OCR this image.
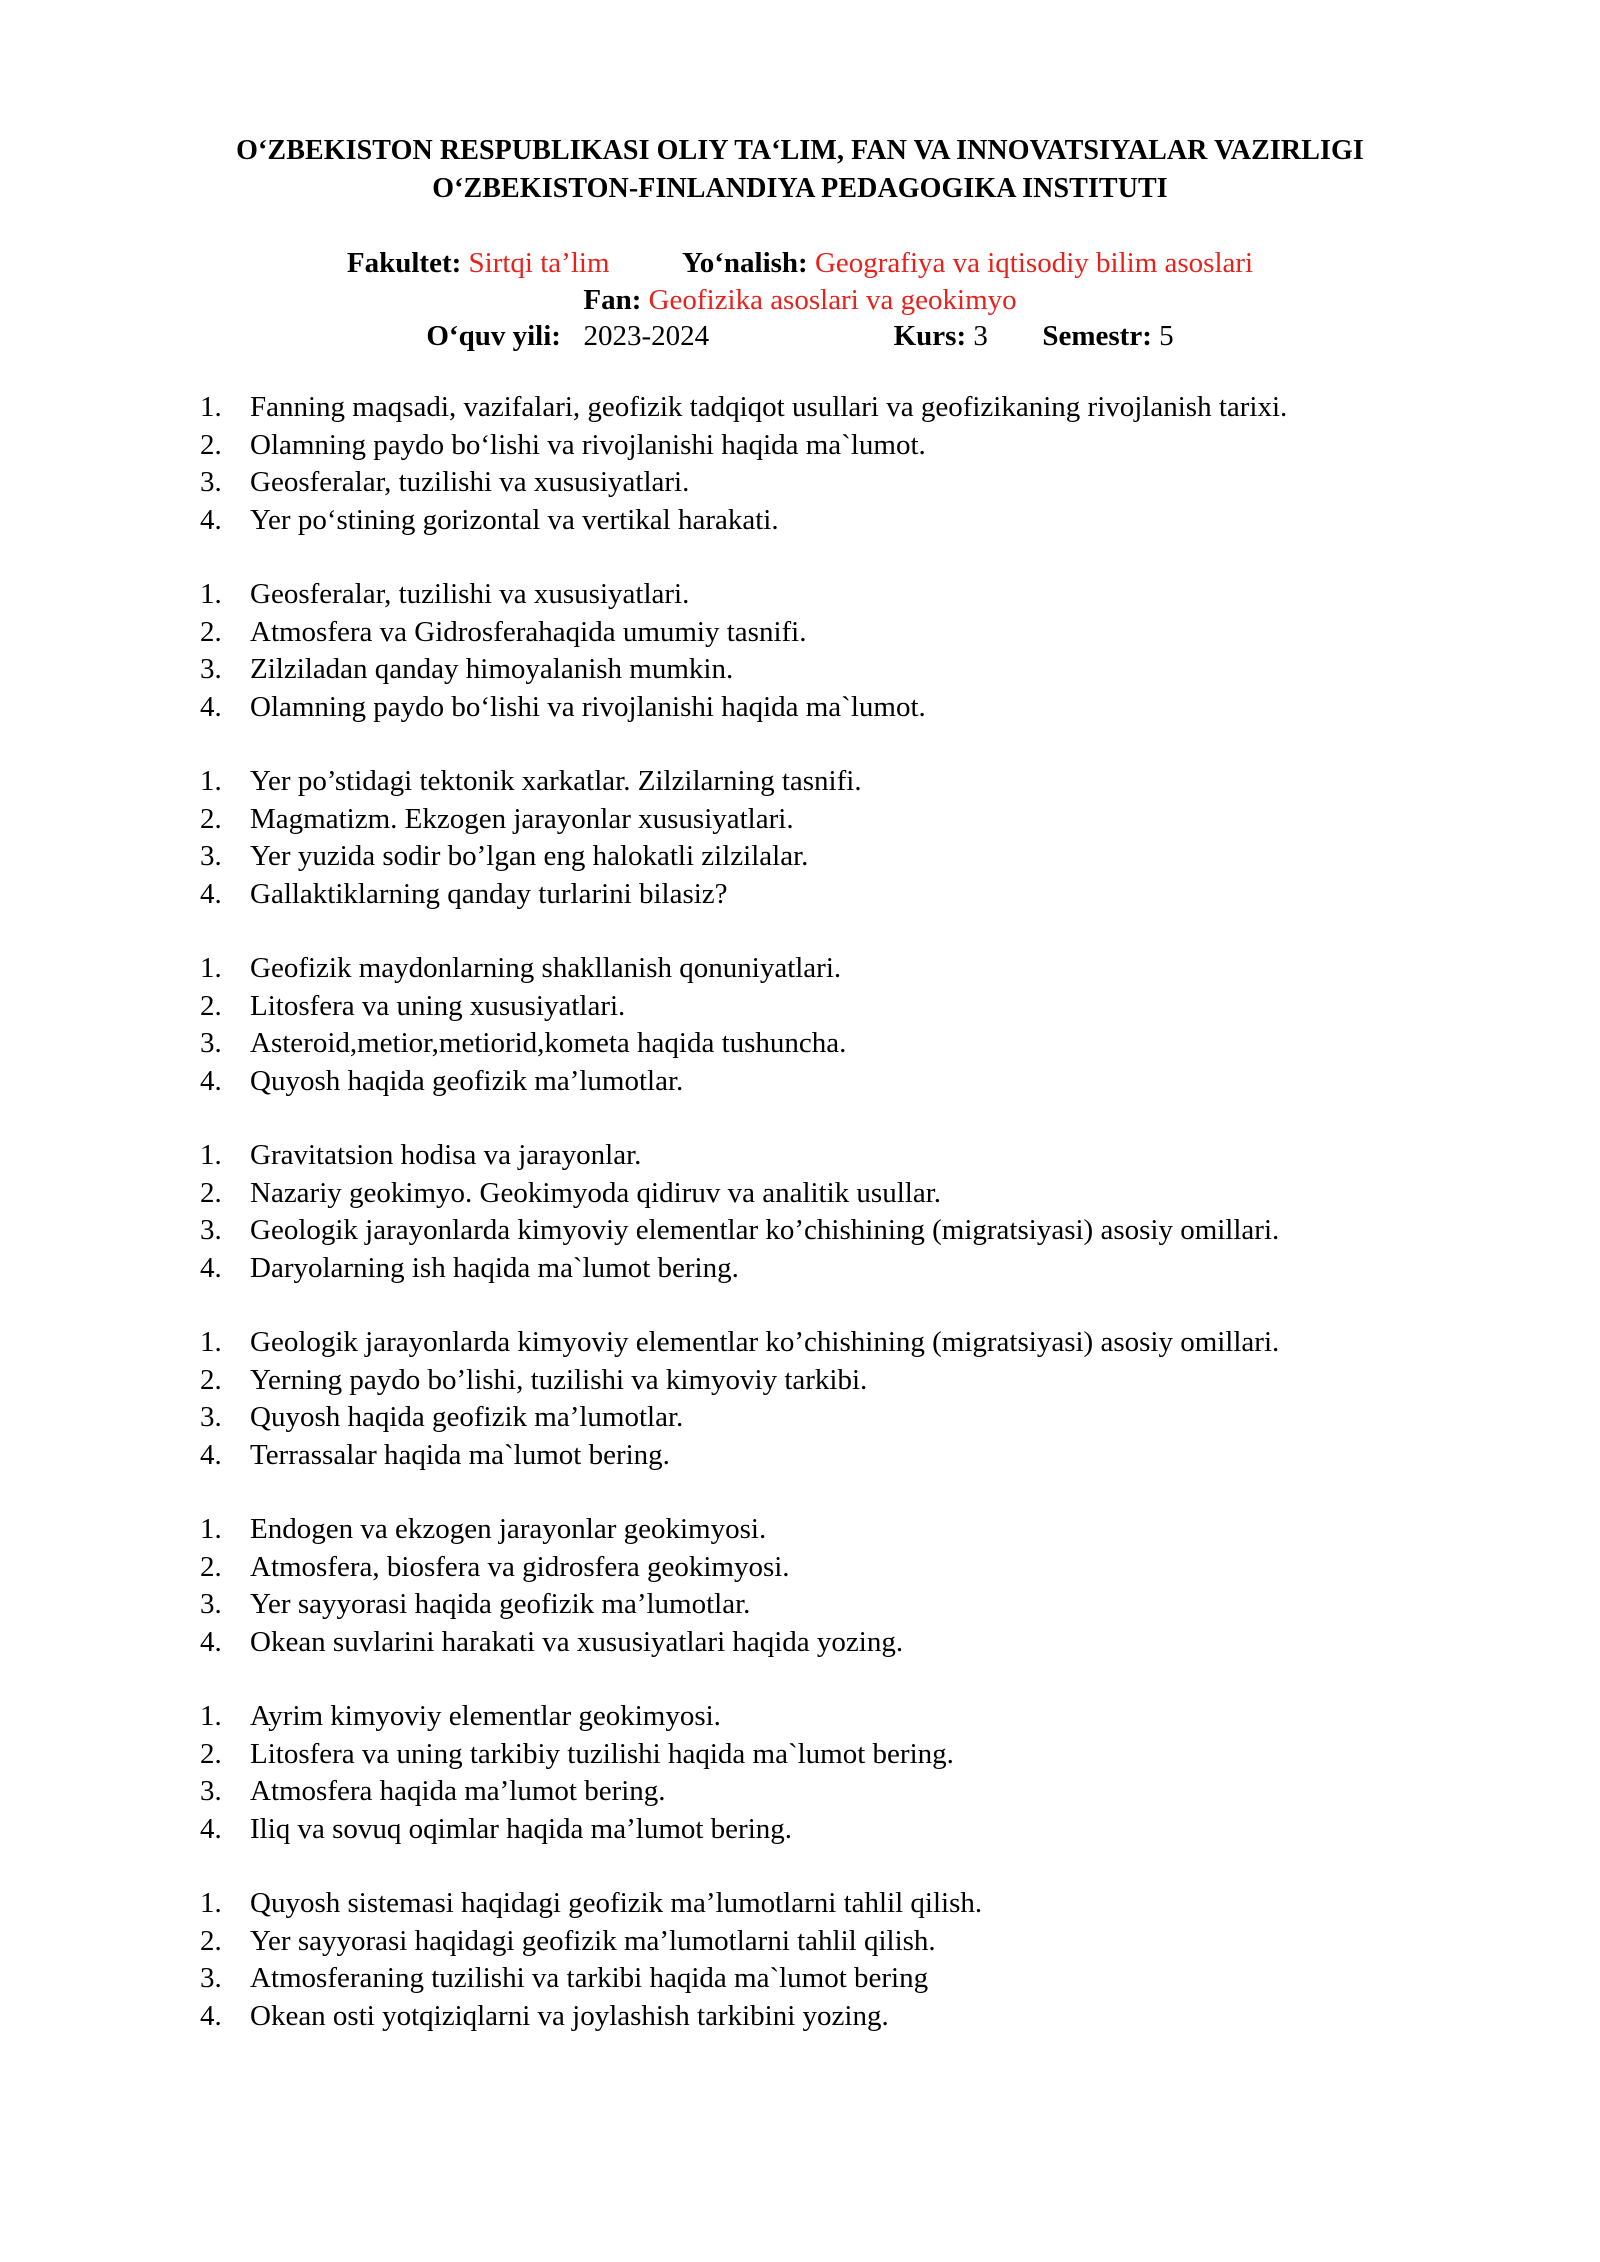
O‘ZBEKISTON RESPUBLIKASI OLIY TA‘LIM, FAN VA INNOVATSIYALAR VAZIRLIGI
O‘ZBEKISTON-FINLANDIYA PEDAGOGIKA INSTITUTI
Fakultet: Sirtqi ta’lim	Yo‘nalish: Geografiya va iqtisodiy bilim asoslari
Fan: Geofizika asoslari va geokimyo
O‘quv yili: 2023-2024	Kurs: 3 Semestr: 5
1. Fanning maqsadi, vazifalari, geofizik tadqiqot usullari va geofizikaning rivojlanish tarixi.
2. Olamning paydo bo‘lishi va rivojlanishi haqida ma`lumot.
3. Geosferalar, tuzilishi va xususiyatlari.
4. Yer po‘stining gorizontal va vertikal harakati.
1. Geosferalar, tuzilishi va xususiyatlari.
2. Atmosfera va Gidrosferahaqida umumiy tasnifi.
3. Zilziladan qanday himoyalanish mumkin.
4. Olamning paydo bo‘lishi va rivojlanishi haqida ma`lumot.
1. Yer po’stidagi tektonik xarkatlar. Zilzilarning tasnifi.
2. Magmatizm. Ekzogen jarayonlar xususiyatlari.
3. Yer yuzida sodir bo’lgan eng halokatli zilzilalar.
4. Gallaktiklarning qanday turlarini bilasiz?
1. Geofizik maydonlarning shakllanish qonuniyatlari.
2. Litosfera va uning xususiyatlari.
3. Asteroid,metior,metiorid,kometa haqida tushuncha.
4. Quyosh haqida geofizik ma’lumotlar.
1. Gravitatsion hodisa va jarayonlar.
2. Nazariy geokimyo. Geokimyoda qidiruv va analitik usullar.
3. Geologik jarayonlarda kimyoviy elementlar ko’chishining (migratsiyasi) asosiy omillari.
4. Daryolarning ish haqida ma`lumot bering.
1. Geologik jarayonlarda kimyoviy elementlar ko’chishining (migratsiyasi) asosiy omillari.
2. Yerning paydo bo’lishi, tuzilishi va kimyoviy tarkibi.
3. Quyosh haqida geofizik ma’lumotlar.
4. Terrassalar haqida ma`lumot bering.
1. Endogen va ekzogen jarayonlar geokimyosi.
2. Atmosfera, biosfera va gidrosfera geokimyosi.
3. Yer sayyorasi haqida geofizik ma’lumotlar.
4. Okean suvlarini harakati va xususiyatlari haqida yozing.
1. Ayrim kimyoviy elementlar geokimyosi.
2. Litosfera va uning tarkibiy tuzilishi haqida ma`lumot bering.
3. Atmosfera haqida ma’lumot bering.
4. Iliq va sovuq oqimlar haqida ma’lumot bering.
1. Quyosh sistemasi haqidagi geofizik ma’lumotlarni tahlil qilish.
2. Yer sayyorasi haqidagi geofizik ma’lumotlarni tahlil qilish.
3. Atmosferaning tuzilishi va tarkibi haqida ma`lumot bering
4. Okean osti yotqiziqlarni va joylashish tarkibini yozing.
